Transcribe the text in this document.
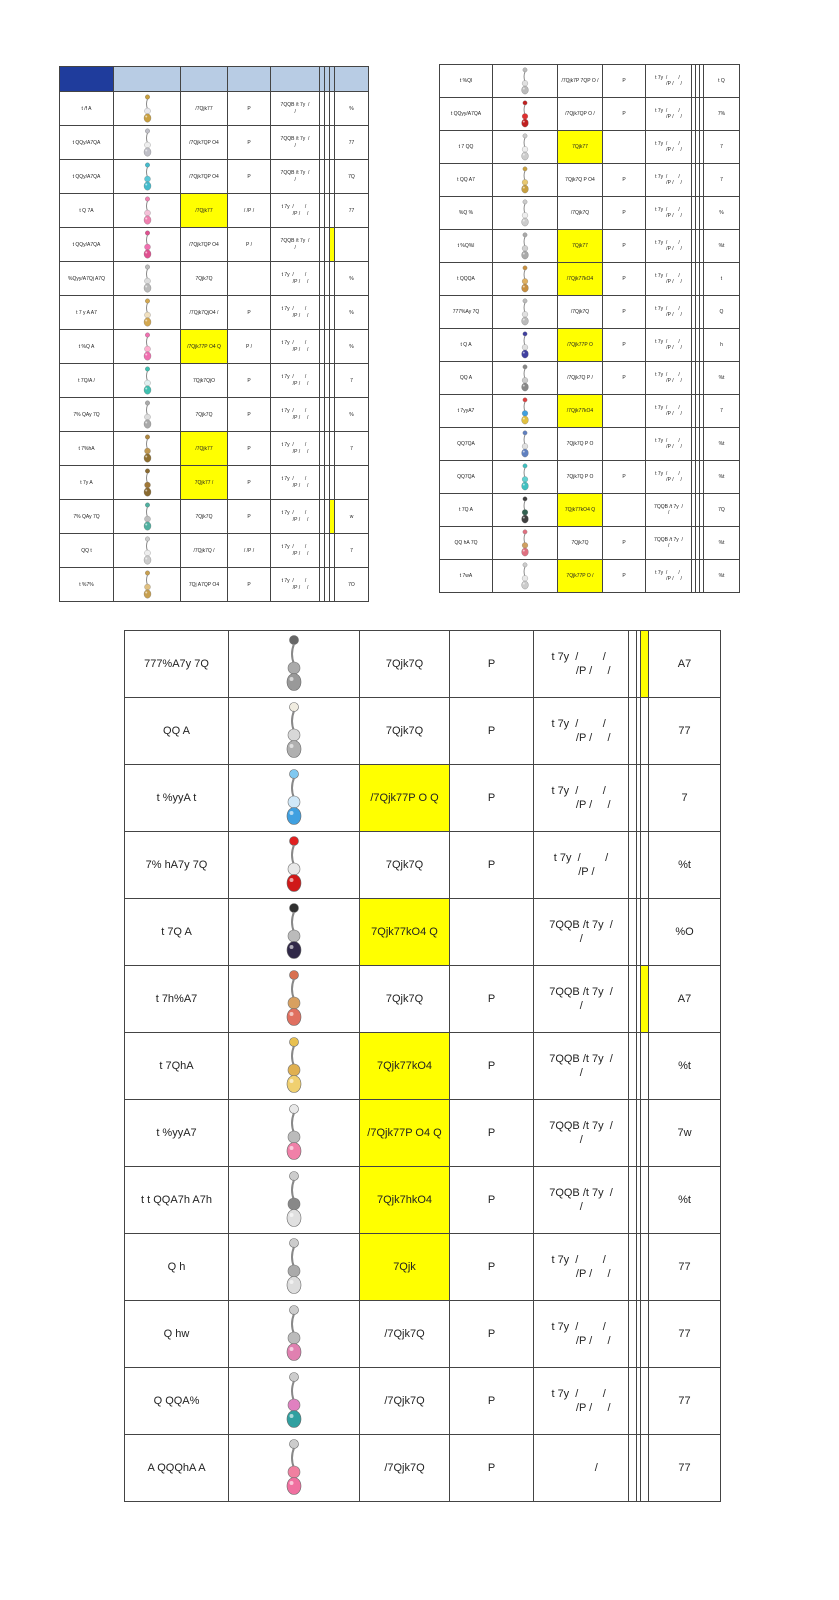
t /f A		/7Qjk77	P	7QQB /t 7y  /
/				%
t QQy/A7QA		/7Qjk7QP O4	P	7QQB /t 7y  /
/				77
t QQy/A7QA		/7Qjk7QP O4	P	7QQB /t 7y  /
/				7Q
t Q 7A		/7Qjk77	/ /P /	t 7y  /        /
/P /     /				77
t QQy/A7QA		/7Qjk7QP O4	P /	7QQB /t 7y  /
/				
%Qyy/A7Qj A7Q		7Qjk7Q		t 7y  /        /
/P /     /				%
t 7 y A A7		/7Qjk7QjO4 /	P	t 7y  /        /
/P /     /				%
t %Q A		/7Qjk77P O4 Q	P /	t 7y  /        /
/P /     /				%
t 7Q/A /		7Qjk7QjO	P	t 7y  /        /
/P /     /				7
7% QAy 7Q		7Qjk7Q	P	t 7y  /        /
/P /     /				%
t 7%hA		/7Qjk77	P	t 7y  /        /
/P /     /				7
t 7y A		7Qjk77 /	P	t 7y  /        /
/P /     /				
7% QAy 7Q		7Qjk7Q	P	t 7y  /        /
/P /     /				w
QQ t		/7Qjk7Q /	/ /P /	t 7y  /        /
/P /     /				7
t %7%		7Qj A7QP O4	P	t 7y  /        /
/P /     /				7O
t %Ql		/7Qjk7P 7QP O /	P	t 7y  /        /
/P /     /				t Q
t QQyy/A7QA		/7Qjk7QP O /	P	t 7y  /        /
/P /     /				7%
t 7 QQ		7Qjk77		t 7y  /        /
/P /     /				7
t QQ A7		7Qjk7Q P O4	P	t 7y  /        /
/P /     /				7
%Q %		/7Qjk7Q	P	t 7y  /        /
/P /     /				%
t %Q%l		7Qjk77	P	t 7y  /        /
/P /     /				%t
t QQQA		/7Qjk77kO4	P	t 7y  /        /
/P /     /				t
777%Ay 7Q		/7Qjk7Q	P	t 7y  /        /
/P /     /				Q
t Q A		/7Qjk77P O	P	t 7y  /        /
/P /     /				h
QQ A		/7Qjk7Q P /	P	t 7y  /        /
/P /     /				%t
t 7yyA7		/7Qjk77kO4		t 7y  /        /
/P /     /				7
QQ7QA		7Qjk7Q P O		t 7y  /        /
/P /     /				%t
QQ7QA		7Qjk7Q P O	P	t 7y  /        /
/P /     /				%t
t 7Q A		7Qjk77kO4 Q		7QQB /t 7y  /
/				7Q
QQ hA 7Q		7Qjk7Q	P	7QQB /t 7y  /
/				%t
t 7wA		7Qjk77P O /	P	t 7y  /        /
/P /     /				%t
777%A7y 7Q		7Qjk7Q	P	t 7y  /        /
/P /     /				A7
QQ A		7Qjk7Q	P	t 7y  /        /
/P /     /				77
t %yyA t		/7Qjk77P O Q	P	t 7y  /        /
/P /     /				7
7% hA7y 7Q		7Qjk7Q	P	t 7y  /        /
/P /				%t
t 7Q A		7Qjk77kO4 Q		7QQB /t 7y  /
/				%O
t 7h%A7		7Qjk7Q	P	7QQB /t 7y  /
/				A7
t 7QhA		7Qjk77kO4	P	7QQB /t 7y  /
/				%t
t %yyA7		/7Qjk77P O4 Q	P	7QQB /t 7y  /
/				7w
t t QQA7h A7h		7Qjk7hkO4	P	7QQB /t 7y  /
/				%t
Q h		7Qjk	P	t 7y  /        /
/P /     /				77
Q hw		/7Qjk7Q	P	t 7y  /        /
/P /     /				77
Q QQA%		/7Qjk7Q	P	t 7y  /        /
/P /     /				77
A QQQhA A		/7Qjk7Q	P	/				77
